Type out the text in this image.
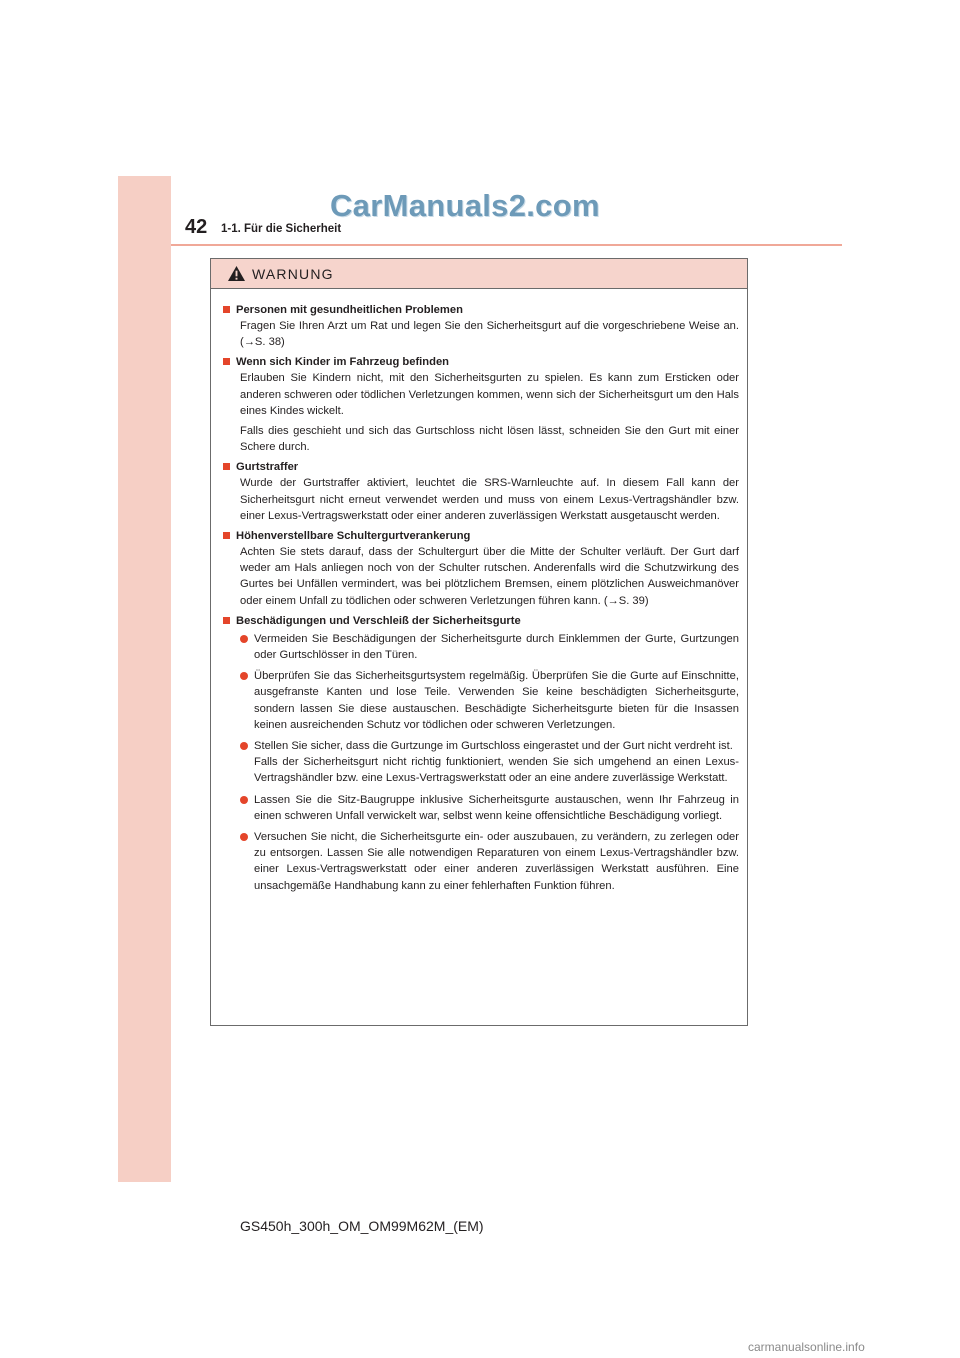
CarManuals2.com
42 1-1. Für die Sicherheit
WARNUNG
Personen mit gesundheitlichen Problemen
Fragen Sie Ihren Arzt um Rat und legen Sie den Sicherheitsgurt auf die vorgeschriebene Weise an. (→S. 38)
Wenn sich Kinder im Fahrzeug befinden
Erlauben Sie Kindern nicht, mit den Sicherheitsgurten zu spielen. Es kann zum Ersticken oder anderen schweren oder tödlichen Verletzungen kommen, wenn sich der Sicherheitsgurt um den Hals eines Kindes wickelt.
Falls dies geschieht und sich das Gurtschloss nicht lösen lässt, schneiden Sie den Gurt mit einer Schere durch.
Gurtstraffer
Wurde der Gurtstraffer aktiviert, leuchtet die SRS-Warnleuchte auf. In diesem Fall kann der Sicherheitsgurt nicht erneut verwendet werden und muss von einem Lexus-Vertragshändler bzw. einer Lexus-Vertragswerkstatt oder einer anderen zuverlässigen Werkstatt ausgetauscht werden.
Höhenverstellbare Schultergurtverankerung
Achten Sie stets darauf, dass der Schultergurt über die Mitte der Schulter verläuft. Der Gurt darf weder am Hals anliegen noch von der Schulter rutschen. Anderenfalls wird die Schutzwirkung des Gurtes bei Unfällen vermindert, was bei plötzlichem Bremsen, einem plötzlichen Ausweichmanöver oder einem Unfall zu tödlichen oder schweren Verletzungen führen kann. (→S. 39)
Beschädigungen und Verschleiß der Sicherheitsgurte
Vermeiden Sie Beschädigungen der Sicherheitsgurte durch Einklemmen der Gurte, Gurtzungen oder Gurtschlösser in den Türen.
Überprüfen Sie das Sicherheitsgurtsystem regelmäßig. Überprüfen Sie die Gurte auf Einschnitte, ausgefranste Kanten und lose Teile. Verwenden Sie keine beschädigten Sicherheitsgurte, sondern lassen Sie diese austauschen. Beschädigte Sicherheitsgurte bieten für die Insassen keinen ausreichenden Schutz vor tödlichen oder schweren Verletzungen.
Stellen Sie sicher, dass die Gurtzunge im Gurtschloss eingerastet und der Gurt nicht verdreht ist.
Falls der Sicherheitsgurt nicht richtig funktioniert, wenden Sie sich umgehend an einen Lexus-Vertragshändler bzw. eine Lexus-Vertragswerkstatt oder an eine andere zuverlässige Werkstatt.
Lassen Sie die Sitz-Baugruppe inklusive Sicherheitsgurte austauschen, wenn Ihr Fahrzeug in einen schweren Unfall verwickelt war, selbst wenn keine offensichtliche Beschädigung vorliegt.
Versuchen Sie nicht, die Sicherheitsgurte ein- oder auszubauen, zu verändern, zu zerlegen oder zu entsorgen. Lassen Sie alle notwendigen Reparaturen von einem Lexus-Vertragshändler bzw. einer Lexus-Vertragswerkstatt oder einer anderen zuverlässigen Werkstatt ausführen. Eine unsachgemäße Handhabung kann zu einer fehlerhaften Funktion führen.
GS450h_300h_OM_OM99M62M_(EM)
carmanualsonline.info
